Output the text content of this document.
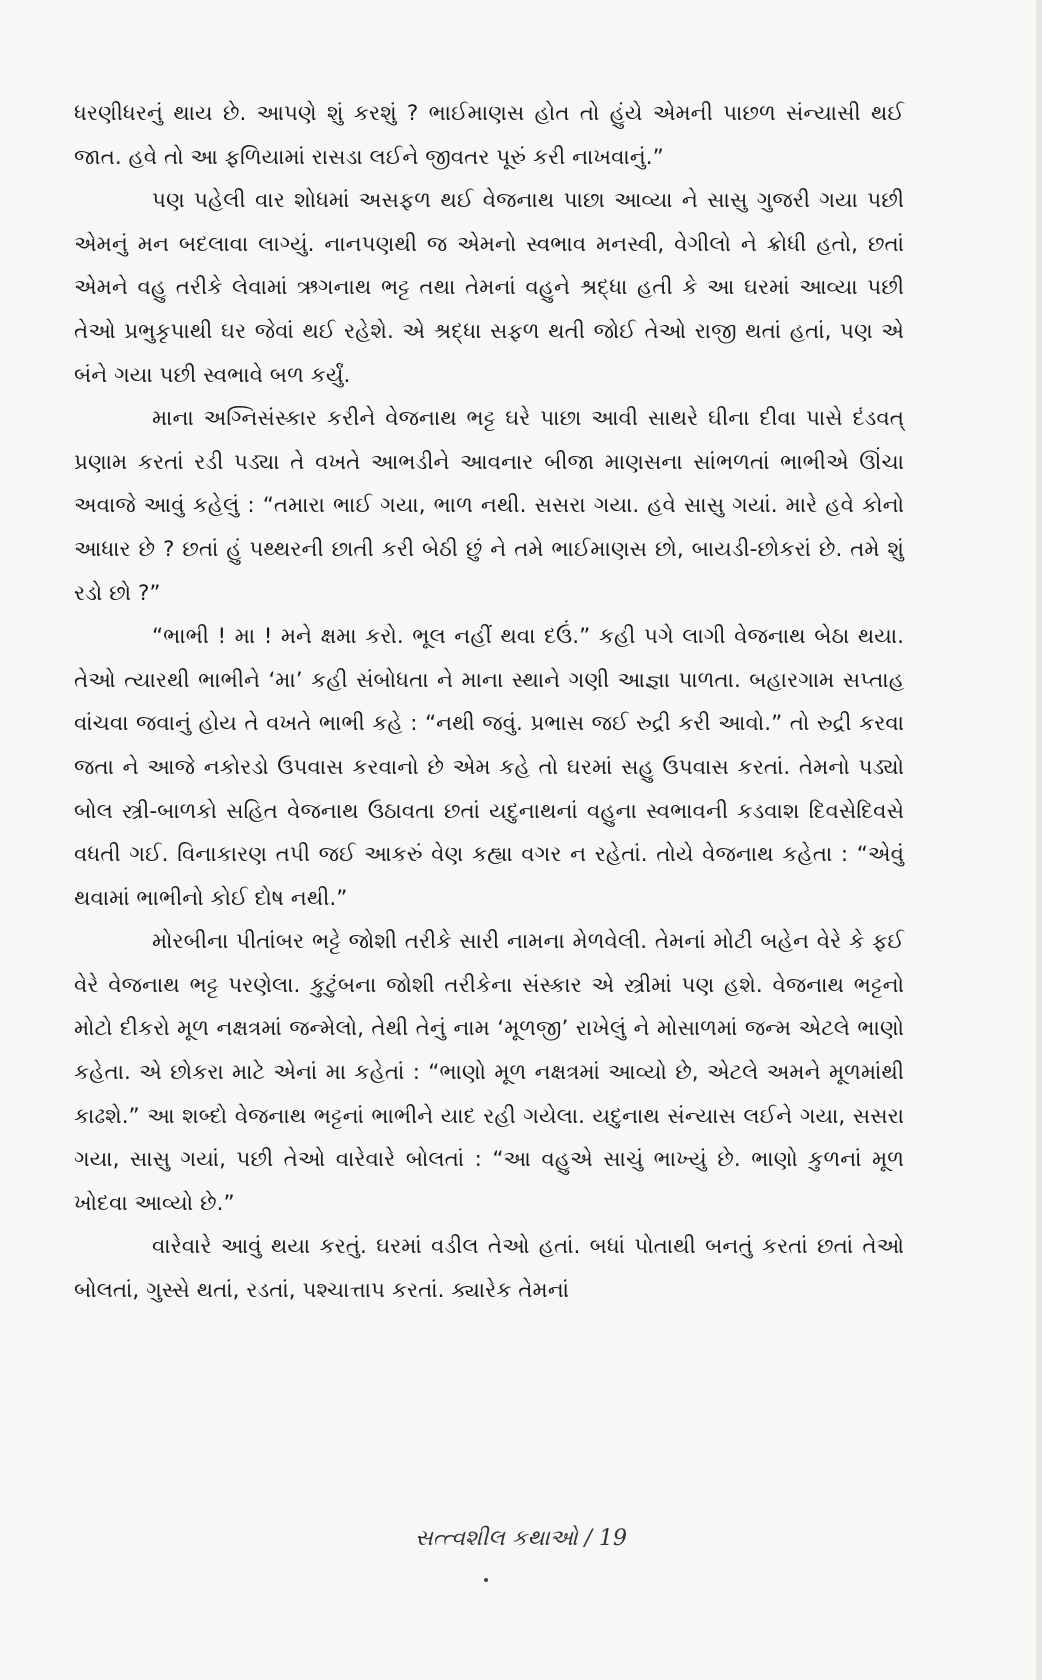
ધરણીધરનું થાય છે. આપણે શું કરશું ? ભાઈમાણસ હોત તો હુંયે એમની પાછળ સંન્યાસી થઈ જાત. હવે તો આ ફળિયામાં રાસડા લઈને જીવતર પૂરું કરી નાખવાનું.”

પણ પહેલી વાર શોધમાં અસફળ થઈ વેજનાથ પાછા આવ્યા ને સાસુ ગુજરી ગયા પછી એમનું મન બદલાવા લાગ્યું. નાનપણથી જ એમનો સ્વભાવ મનસ્વી, વેગીલો ને ક્રોધી હતો, છતાં એમને વહુ તરીકે લેવામાં ઋગનાથ ભટ્ટ તથા તેમનાં વહુને શ્રદ્ધા હતી કે આ ઘરમાં આવ્યા પછી તેઓ પ્રભુકૃપાથી ઘર જેવાં થઈ રહેશે. એ શ્રદ્ધા સફળ થતી જોઈ તેઓ રાજી થતાં હતાં, પણ એ બંને ગયા પછી સ્વભાવે બળ કર્યું.

માના અગ્નિસંસ્કાર કરીને વેજનાથ ભટ્ટ ઘરે પાછા આવી સાથરે ઘીના દીવા પાસે દંડવત્ પ્રણામ કરતાં રડી પડ્યા તે વખતે આભડીને આવનાર બીજા માણસના સાંભળતાં ભાભીએ ઊંચા અવાજે આવું કહેલું : “તમારા ભાઈ ગયા, ભાળ નથી. સસરા ગયા. હવે સાસુ ગયાં. મારે હવે કોનો આધાર છે ? છતાં હું પથ્થરની છાતી કરી બેઠી છું ને તમે ભાઈમાણસ છો, બાયડી-છોકરાં છે. તમે શું રડો છો ?”

“ભાભી ! મા ! મને ક્ષમા કરો. ભૂલ નહીં થવા દઉં.” કહી પગે લાગી વેજનાથ બેઠા થયા. તેઓ ત્યારથી ભાભીને ‘મા’ કહી સંબોધતા ને માના સ્થાને ગણી આજ્ઞા પાળતા. બહારગામ સપ્તાહ વાંચવા જવાનું હોય તે વખતે ભાભી કહે : “નથી જવું. પ્રભાસ જઈ રુદ્રી કરી આવો.” તો રુદ્રી કરવા જતા ને આજે નકોરડો ઉપવાસ કરવાનો છે એમ કહે તો ઘરમાં સહુ ઉપવાસ કરતાં. તેમનો પડ્યો બોલ સ્ત્રી-બાળકો સહિત વેજનાથ ઉઠાવતા છતાં યદુનાથનાં વહુના સ્વભાવની કડવાશ દિવસેદિવસે વધતી ગઈ. વિનાકારણ તપી જઈ આકરું વેણ કહ્યા વગર ન રહેતાં. તોયે વેજનાથ કહેતા : “એવું થવામાં ભાભીનો કોઈ દોષ નથી.”

મોરબીના પીતાંબર ભટ્ટે જોશી તરીકે સારી નામના મેળવેલી. તેમનાં મોટી બહેન વેરે કે ફઈ વેરે વેજનાથ ભટ્ટ પરણેલા. કુટુંબના જોશી તરીકેના સંસ્કાર એ સ્ત્રીમાં પણ હશે. વેજનાથ ભટ્ટનો મોટો દીકરો મૂળ નક્ષત્રમાં જન્મેલો, તેથી તેનું નામ ‘મૂળજી’ રાખેલું ને મોસાળમાં જન્મ એટલે ભાણો કહેતા. એ છોકરા માટે એનાં મા કહેતાં : “ભાણો મૂળ નક્ષત્રમાં આવ્યો છે, એટલે અમને મૂળમાંથી કાઢશે.” આ શબ્દો વેજનાથ ભટ્ટનાં ભાભીને યાદ રહી ગયેલા. યદુનાથ સંન્યાસ લઈને ગયા, સસરા ગયા, સાસુ ગયાં, પછી તેઓ વારેવારે બોલતાં : “આ વહુએ સાચું ભાખ્યું છે. ભાણો કુળનાં મૂળ ખોદવા આવ્યો છે.”

વારેવારે આવું થયા કરતું. ઘરમાં વડીલ તેઓ હતાં. બધાં પોતાથી બનતું કરતાં છતાં તેઓ બોલતાં, ગુસ્સે થતાં, રડતાં, પશ્ચાત્તાપ કરતાં. ક્યારેક તેમનાં

સત્ત્વશીલ કથાઓ / 19
